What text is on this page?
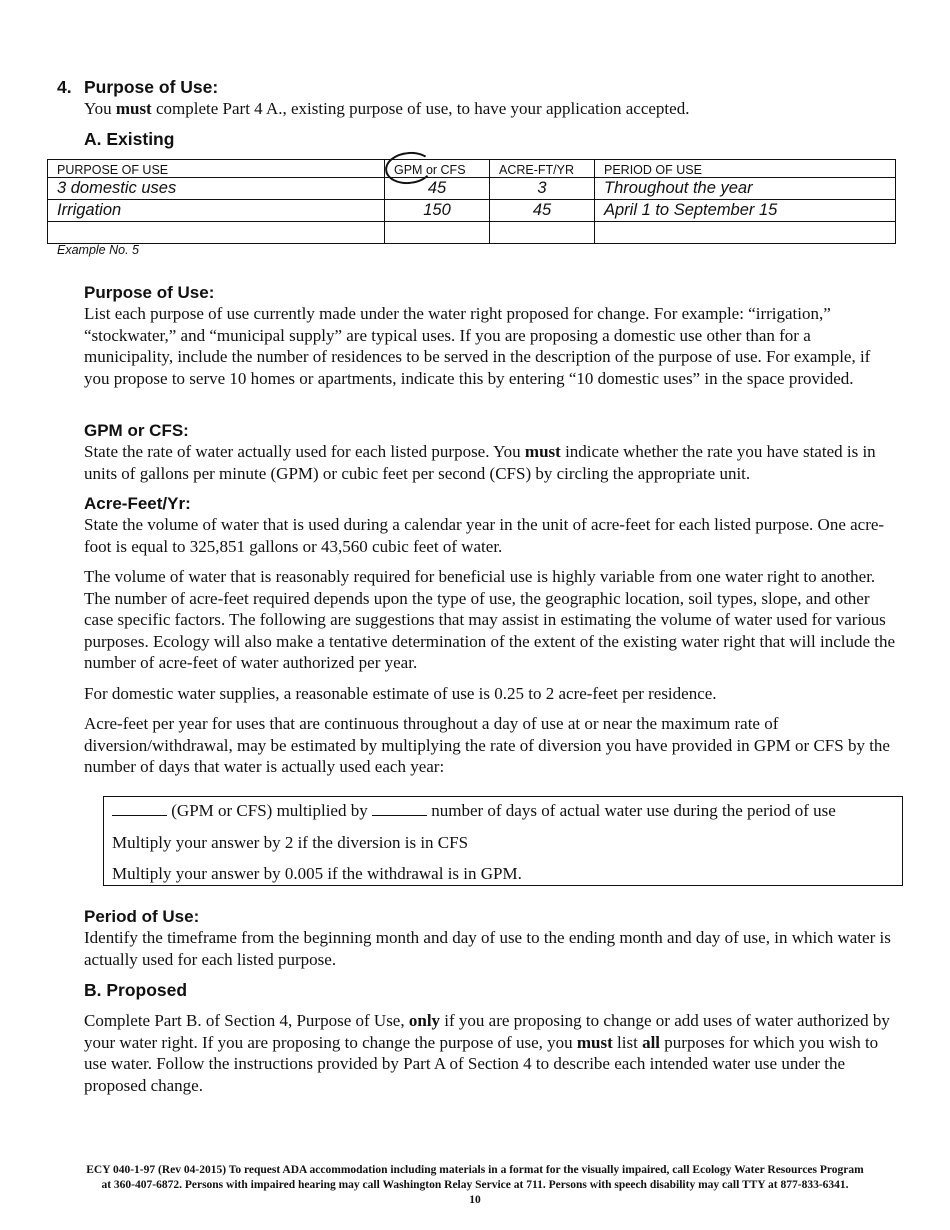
4. Purpose of Use:
You must complete Part 4 A., existing purpose of use, to have your application accepted.
A. Existing
PURPOSE OF USE	GPM or CFS	ACRE-FT/YR	PERIOD OF USE
3 domestic uses	45	3	Throughout the year
Irrigation	150	45	April 1 to September 15

Example No. 5
Purpose of Use:

List each purpose of use currently made under the water right proposed for change. For example: “irrigation,” “stockwater,” and “municipal supply” are typical uses. If you are proposing a domestic use other than for a municipality, include the number of residences to be served in the description of the purpose of use. For example, if you propose to serve 10 homes or apartments, indicate this by entering “10 domestic uses” in the space provided.

GPM or CFS:

State the rate of water actually used for each listed purpose. You must indicate whether the rate you have stated is in units of gallons per minute (GPM) or cubic feet per second (CFS) by circling the appropriate unit.

Acre-Feet/Yr:

State the volume of water that is used during a calendar year in the unit of acre-feet for each listed purpose. One acre-foot is equal to 325,851 gallons or 43,560 cubic feet of water.

The volume of water that is reasonably required for beneficial use is highly variable from one water right to another. The number of acre-feet required depends upon the type of use, the geographic location, soil types, slope, and other case specific factors. The following are suggestions that may assist in estimating the volume of water used for various purposes. Ecology will also make a tentative determination of the extent of the existing water right that will include the number of acre-feet of water authorized per year.

For domestic water supplies, a reasonable estimate of use is 0.25 to 2 acre-feet per residence.

Acre-feet per year for uses that are continuous throughout a day of use at or near the maximum rate of diversion/withdrawal, may be estimated by multiplying the rate of diversion you have provided in GPM or CFS by the number of days that water is actually used each year:

(GPM or CFS) multiplied by	number of days of actual water use during the period of use
Multiply your answer by 2 if the diversion is in CFS
Multiply your answer by 0.005 if the withdrawal is in GPM.
Period of Use:

Identify the timeframe from the beginning month and day of use to the ending month and day of use, in which water is actually used for each listed purpose.

B. Proposed

Complete Part B. of Section 4, Purpose of Use, only if you are proposing to change or add uses of water authorized by your water right. If you are proposing to change the purpose of use, you must list all purposes for which you wish to use water. Follow the instructions provided by Part A of Section 4 to describe each intended water use under the proposed change.

ECY 040-1-97 (Rev 04-2015) To request ADA accommodation including materials in a format for the visually impaired, call Ecology Water Resources Program
at 360-407-6872. Persons with impaired hearing may call Washington Relay Service at 711. Persons with speech disability may call TTY at 877-833-6341.
10
